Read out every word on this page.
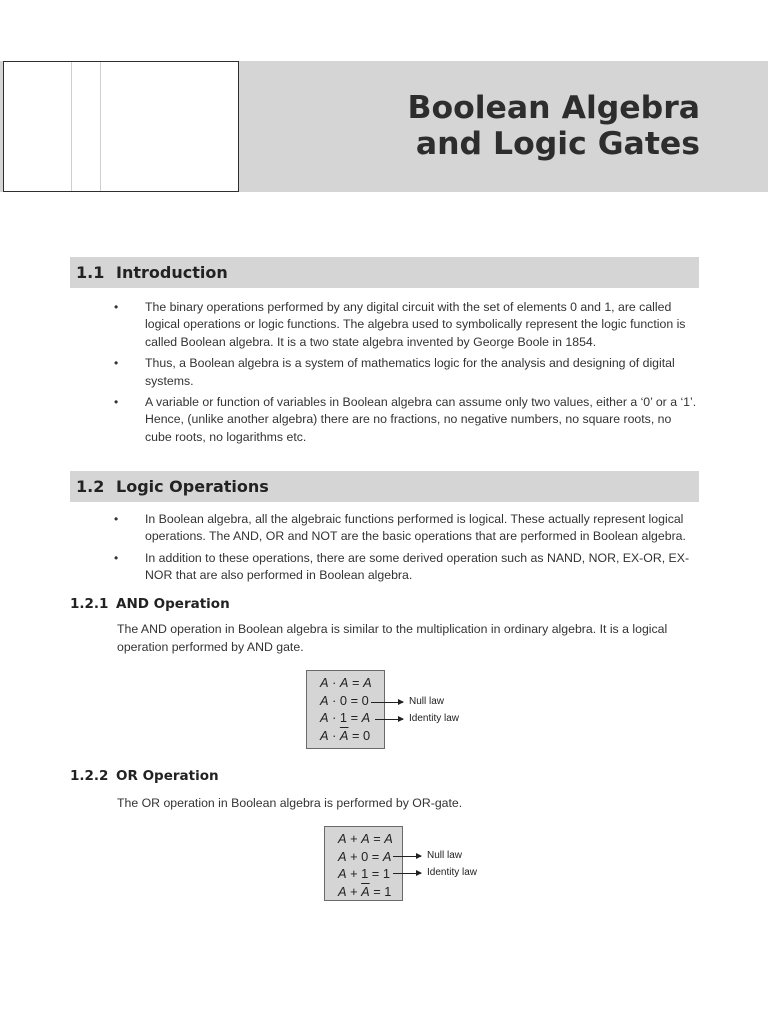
Boolean Algebra
and Logic Gates
1.1 Introduction
• The binary operations performed by any digital circuit with the set of elements 0 and 1, are called logical operations or logic functions. The algebra used to symbolically represent the logic function is called Boolean algebra. It is a two state algebra invented by George Boole in 1854.
• Thus, a Boolean algebra is a system of mathematics logic for the analysis and designing of digital systems.
• A variable or function of variables in Boolean algebra can assume only two values, either a ‘0’ or a ‘1’. Hence, (unlike another algebra) there are no fractions, no negative numbers, no square roots, no cube roots, no logarithms etc.
1.2 Logic Operations
• In Boolean algebra, all the algebraic functions performed is logical. These actually represent logical operations. The AND, OR and NOT are the basic operations that are performed in Boolean algebra.
• In addition to these operations, there are some derived operation such as NAND, NOR, EX-OR, EX-NOR that are also performed in Boolean algebra.
1.2.1 AND Operation
The AND operation in Boolean algebra is similar to the multiplication in ordinary algebra. It is a logical operation performed by AND gate.
A · A = A
A · 0 = 0
A · 1 = A
$A \cdot \overline{A} = 0$
Null law
Identity law
1.2.2 OR Operation
The OR operation in Boolean algebra is performed by OR-gate.
A + A = A
A + 0 = A
A + 1 = 1
$A + \overline{A} = 1$
Null law
Identity law
